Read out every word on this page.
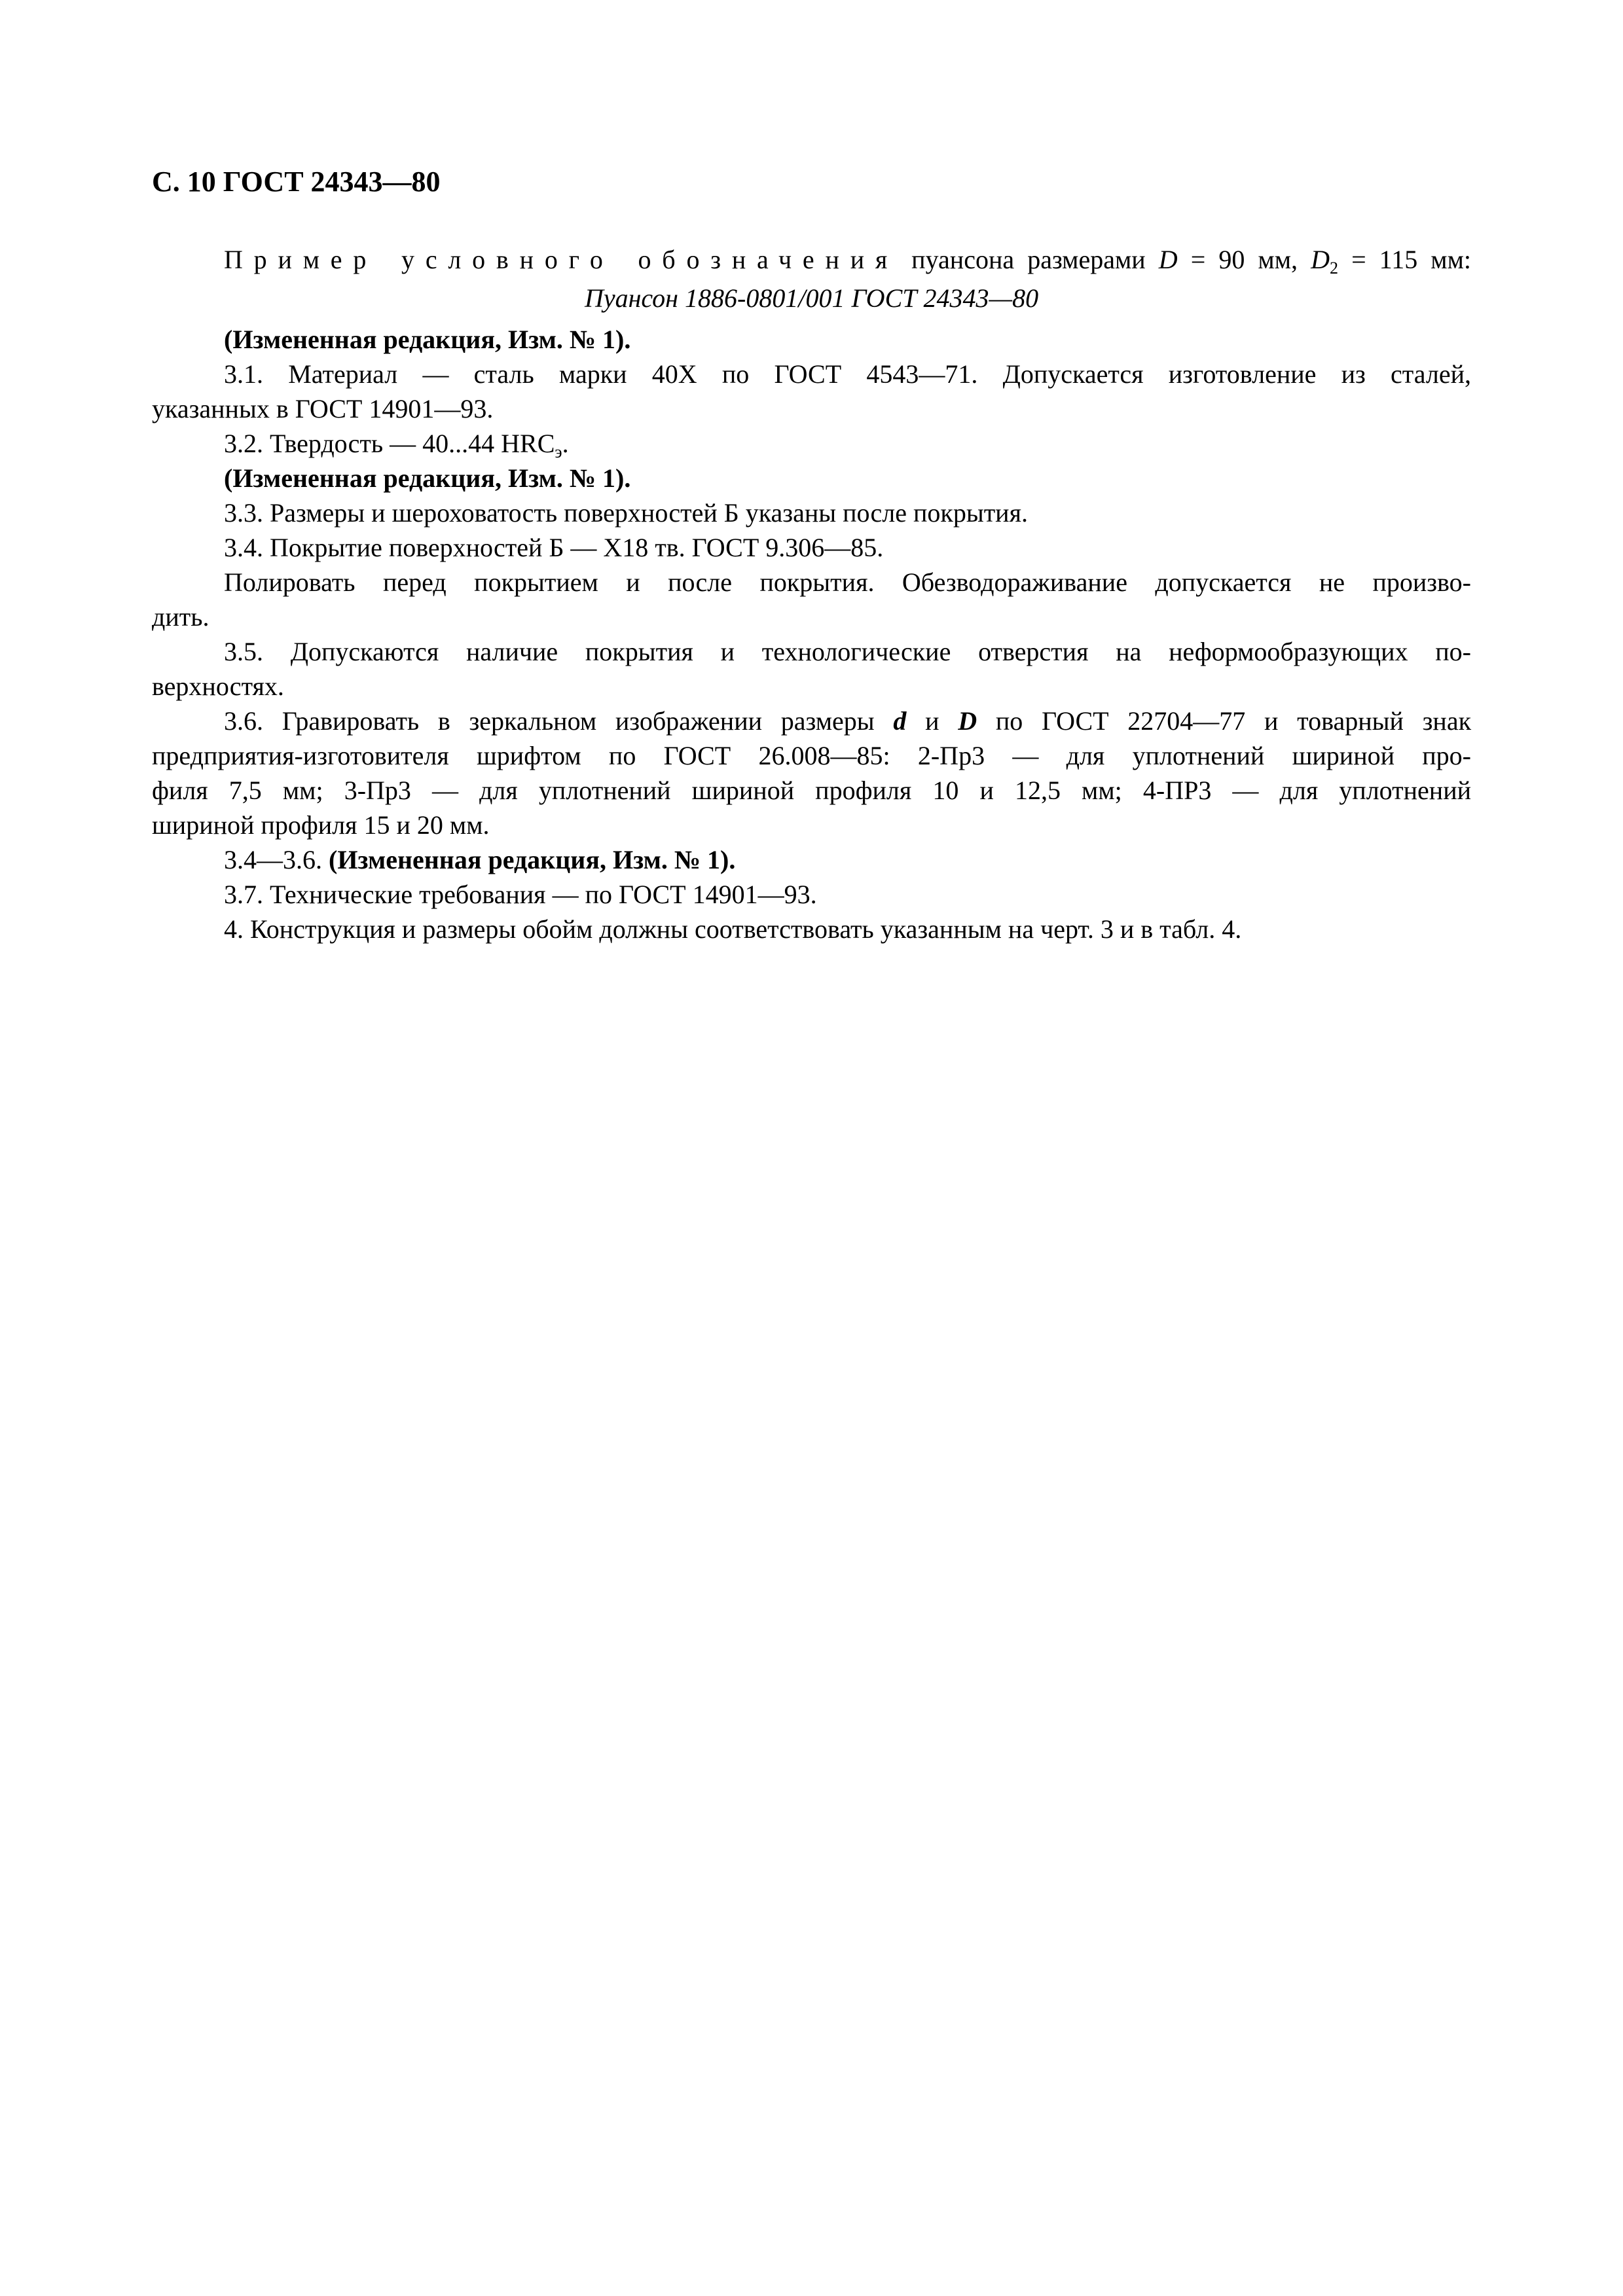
С. 10 ГОСТ 24343—80
Пример условного обозначения пуансона размерами D = 90 мм, $D_2 = 115$ мм:
Пуансон 1886-0801/001 ГОСТ 24343—80
(Измененная редакция, Изм. № 1).
3.1. Материал — сталь марки 40Х по ГОСТ 4543—71. Допускается изготовление из сталей,
указанных в ГОСТ 14901—93.
3.2. Твердость — 40...44 $HRC_э$.
(Измененная редакция, Изм. № 1).
3.3. Размеры и шероховатость поверхностей Б указаны после покрытия.
3.4. Покрытие поверхностей Б — Х18 тв. ГОСТ 9.306—85.
Полировать перед покрытием и после покрытия. Обезводораживание допускается не произво-
дить.
3.5. Допускаются наличие покрытия и технологические отверстия на неформообразующих по-
верхностях.
3.6. Гравировать в зеркальном изображении размеры d и D по ГОСТ 22704—77 и товарный знак
предприятия-изготовителя шрифтом по ГОСТ 26.008—85: 2-Пр3 — для уплотнений шириной про-
филя 7,5 мм; 3-Пр3 — для уплотнений шириной профиля 10 и 12,5 мм; 4-ПР3 — для уплотнений
шириной профиля 15 и 20 мм.
3.4—3.6. (Измененная редакция, Изм. № 1).
3.7. Технические требования — по ГОСТ 14901—93.
4. Конструкция и размеры обойм должны соответствовать указанным на черт. 3 и в табл. 4.
